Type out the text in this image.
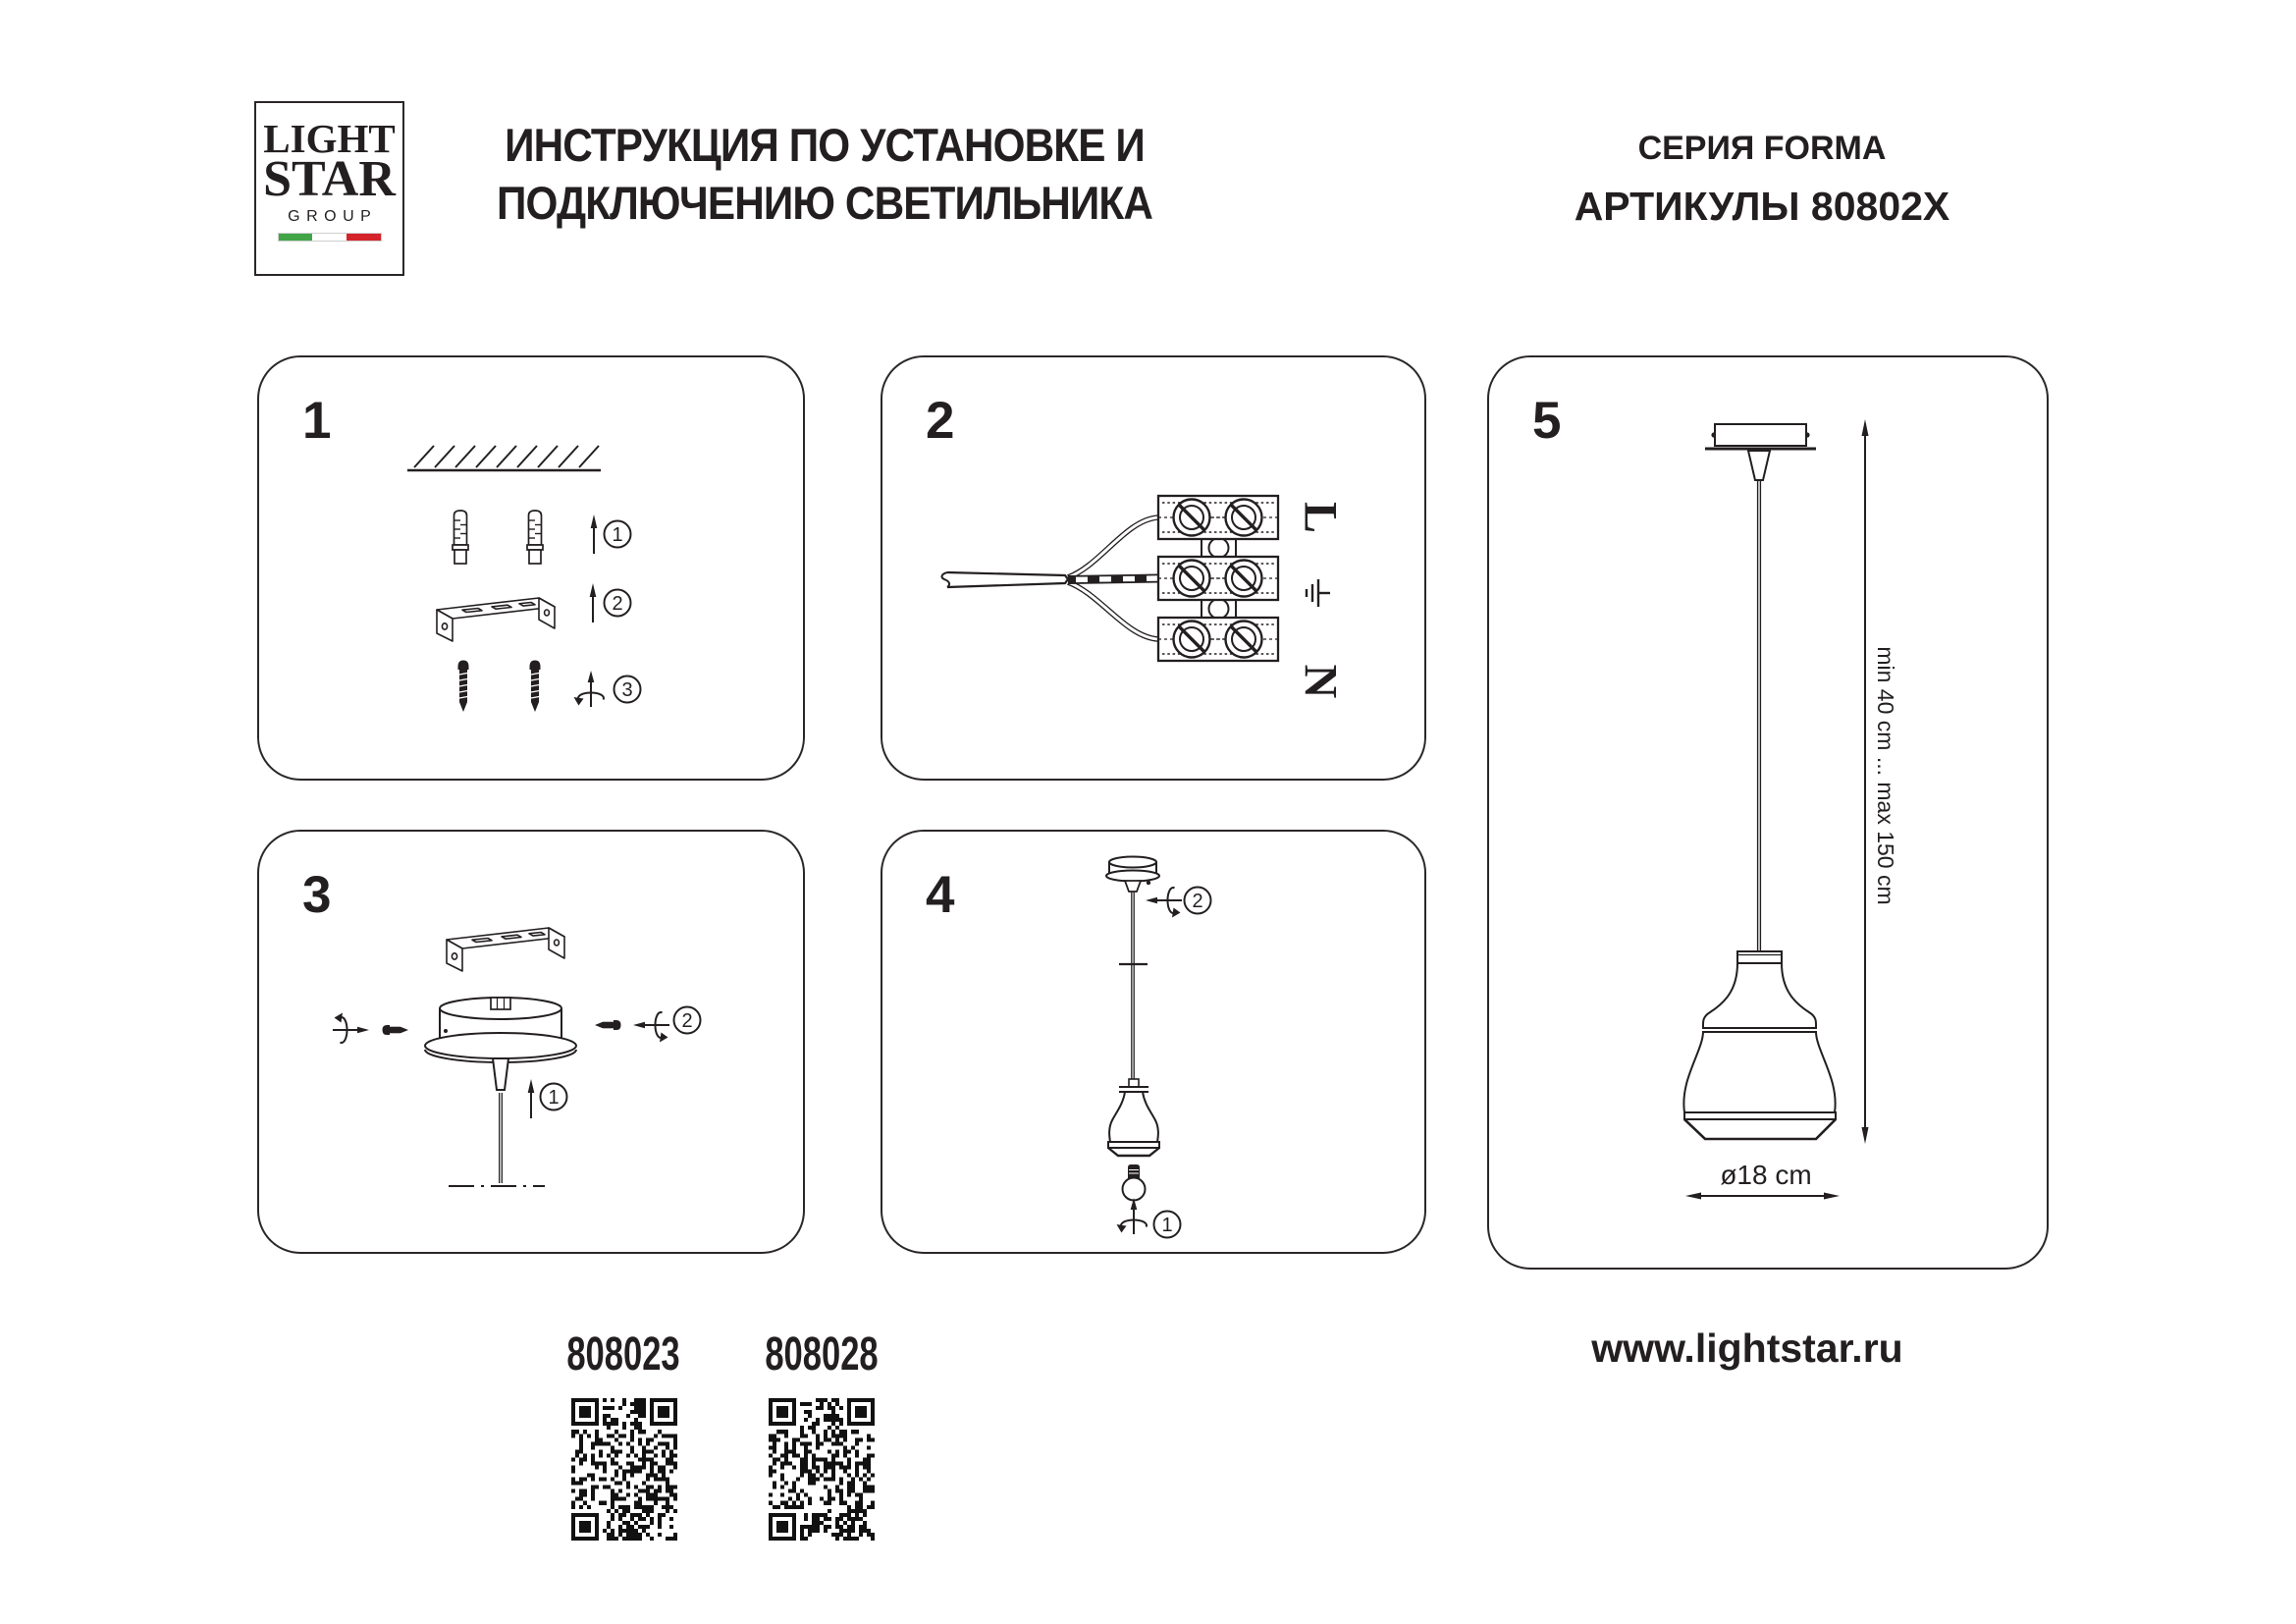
LIGHT
STAR
GROUP
ИНСТРУКЦИЯ ПО УСТАНОВКЕ И
ПОДКЛЮЧЕНИЮ СВЕТИЛЬНИКА
СЕРИЯ FORMA
АРТИКУЛЫ 80802X
1
1
2
3
2
L
N
3
2
1
4	2
1
5
min 40 cm ... max 150 cm
ø18 cm
808023 808028	www.lightstar.ru
